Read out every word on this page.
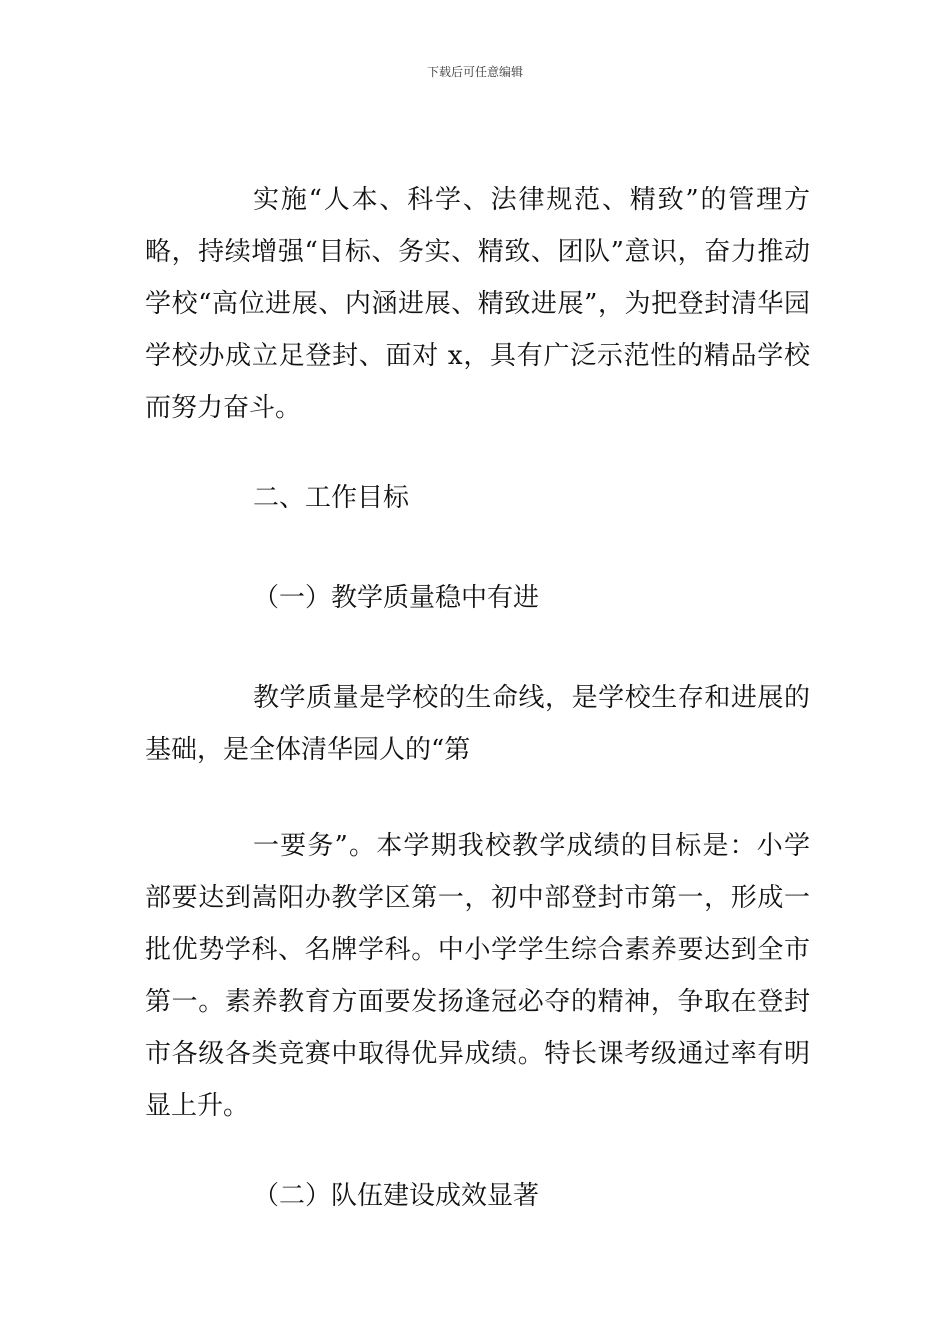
下载后可任意编辑

实施“人本、科学、法律规范、精致”的管理方略，持续增强“目标、务实、精致、团队”意识，奋力推动学校“高位进展、内涵进展、精致进展”，为把登封清华园学校办成立足登封、面对 x，具有广泛示范性的精品学校而努力奋斗。

二、工作目标

（一）教学质量稳中有进

教学质量是学校的生命线，是学校生存和进展的基础，是全体清华园人的“第

一要务”。本学期我校教学成绩的目标是：小学部要达到嵩阳办教学区第一，初中部登封市第一，形成一批优势学科、名牌学科。中小学学生综合素养要达到全市第一。素养教育方面要发扬逢冠必夺的精神，争取在登封市各级各类竞赛中取得优异成绩。特长课考级通过率有明显上升。

（二）队伍建设成效显著
